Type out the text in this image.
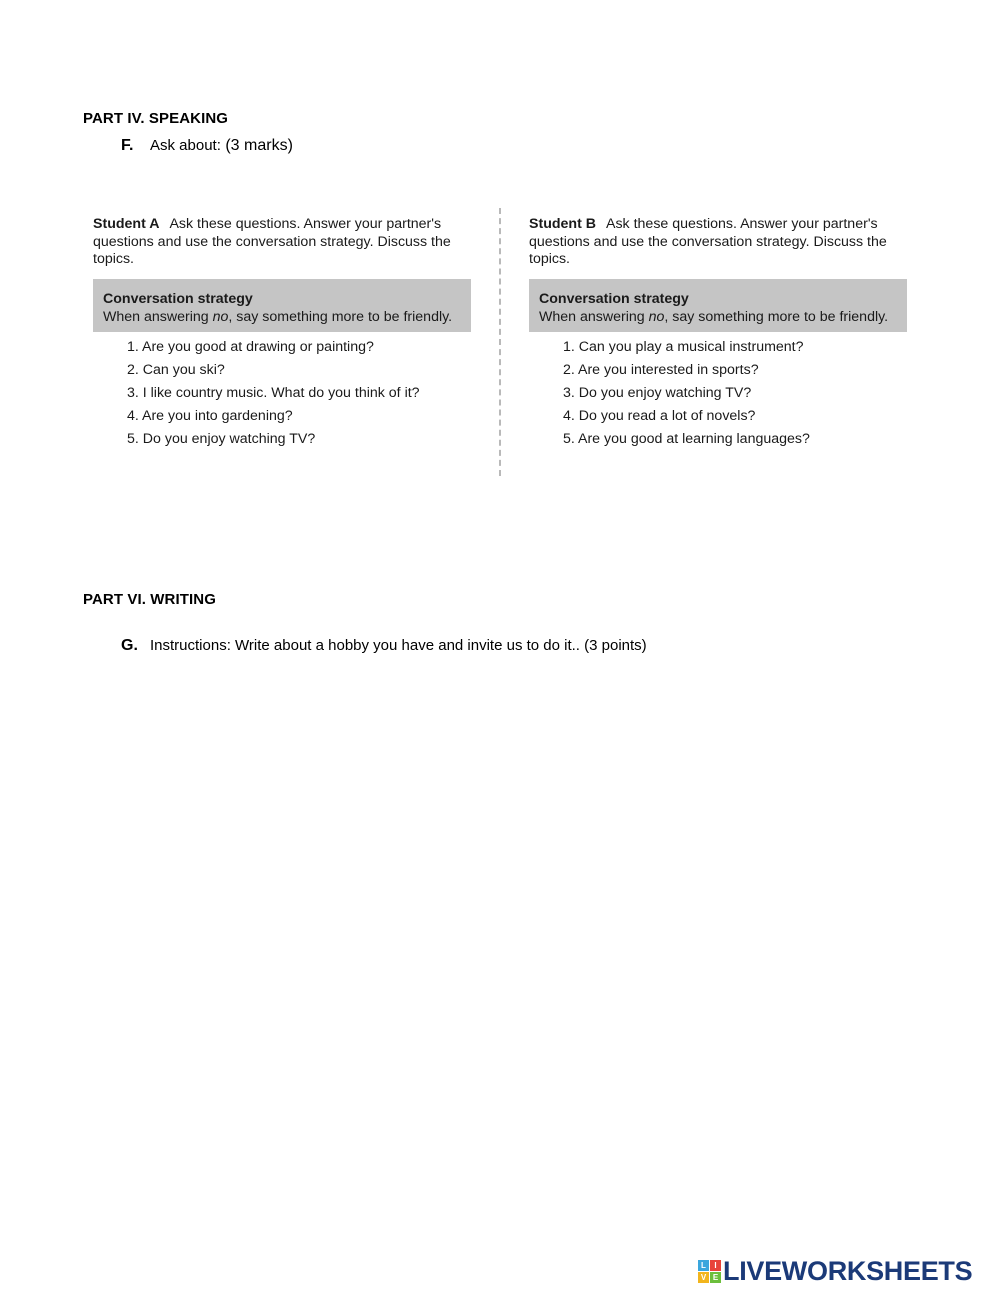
PART IV. SPEAKING
F. Ask about: (3 marks)
Student A Ask these questions. Answer your partner's questions and use the conversation strategy. Discuss the topics.
Conversation strategy
When answering no, say something more to be friendly.
1. Are you good at drawing or painting?
2. Can you ski?
3. I like country music. What do you think of it?
4. Are you into gardening?
5. Do you enjoy watching TV?
Student B Ask these questions. Answer your partner's questions and use the conversation strategy. Discuss the topics.
Conversation strategy
When answering no, say something more to be friendly.
1. Can you play a musical instrument?
2. Are you interested in sports?
3. Do you enjoy watching TV?
4. Do you read a lot of novels?
5. Are you good at learning languages?
PART VI. WRITING
G. Instructions: Write about a hobby you have and invite us to do it.. (3 points)
L	I
V E LIVEWORKSHEETS
